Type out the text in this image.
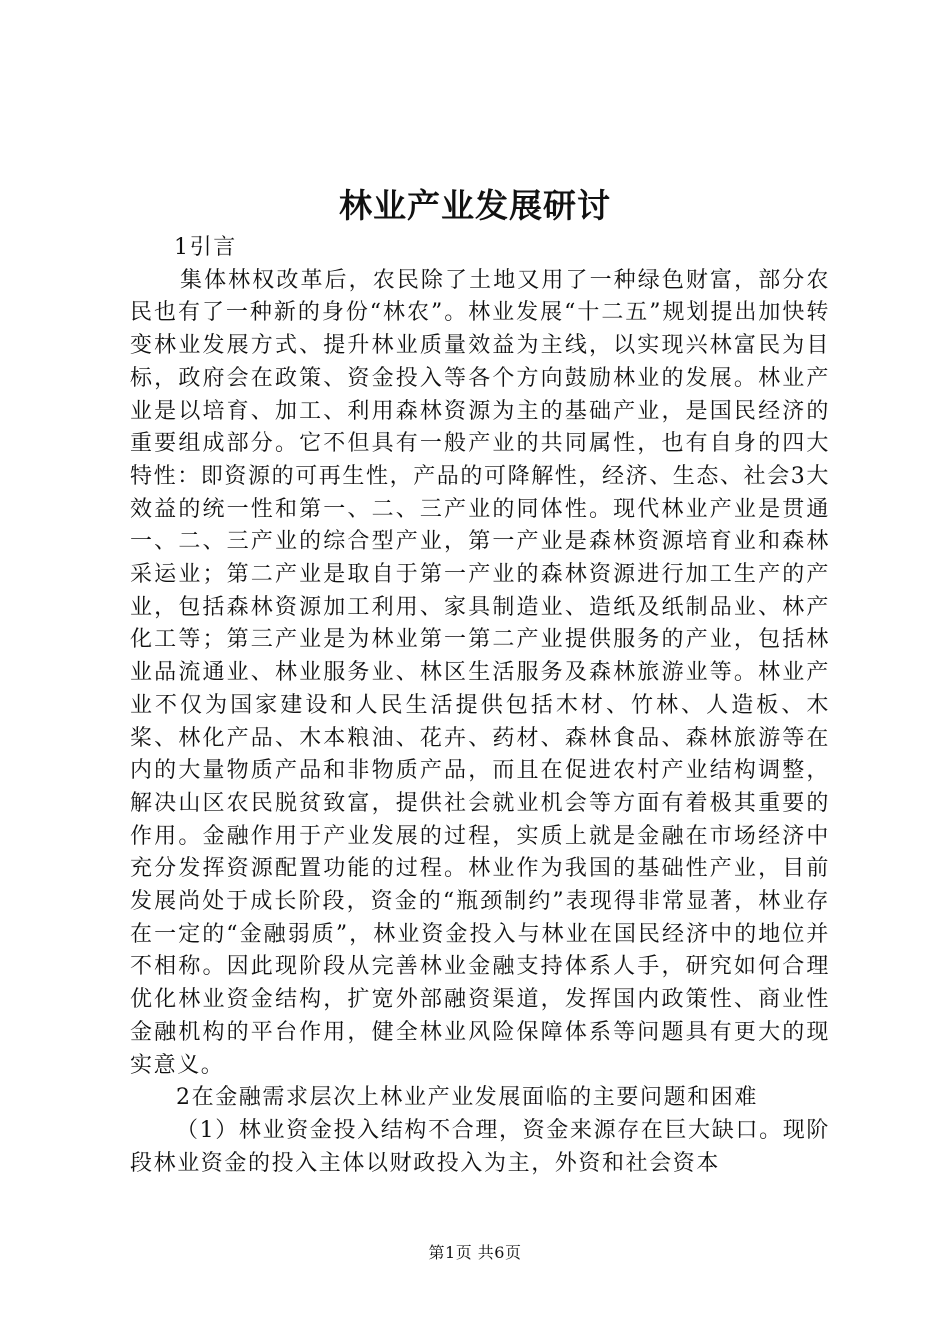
林业产业发展研讨

1引言

集体林权改革后，农民除了土地又用了一种绿色财富，部分农民也有了一种新的身份“林农”。林业发展“十二五”规划提出加快转变林业发展方式、提升林业质量效益为主线，以实现兴林富民为目标，政府会在政策、资金投入等各个方向鼓励林业的发展。林业产业是以培育、加工、利用森林资源为主的基础产业，是国民经济的重要组成部分。它不但具有一般产业的共同属性，也有自身的四大特性：即资源的可再生性，产品的可降解性，经济、生态、社会3大效益的统一性和第一、二、三产业的同体性。现代林业产业是贯通一、二、三产业的综合型产业，第一产业是森林资源培育业和森林采运业；第二产业是取自于第一产业的森林资源进行加工生产的产业，包括森林资源加工利用、家具制造业、造纸及纸制品业、林产化工等；第三产业是为林业第一第二产业提供服务的产业，包括林业品流通业、林业服务业、林区生活服务及森林旅游业等。林业产业不仅为国家建设和人民生活提供包括木材、竹林、人造板、木桨、林化产品、木本粮油、花卉、药材、森林食品、森林旅游等在内的大量物质产品和非物质产品，而且在促进农村产业结构调整，解决山区农民脱贫致富，提供社会就业机会等方面有着极其重要的作用。金融作用于产业发展的过程，实质上就是金融在市场经济中充分发挥资源配置功能的过程。林业作为我国的基础性产业，目前发展尚处于成长阶段，资金的“瓶颈制约”表现得非常显著，林业存在一定的“金融弱质”，林业资金投入与林业在国民经济中的地位并不相称。因此现阶段从完善林业金融支持体系人手，研究如何合理优化林业资金结构，扩宽外部融资渠道，发挥国内政策性、商业性金融机构的平台作用，健全林业风险保障体系等问题具有更大的现实意义。

2在金融需求层次上林业产业发展面临的主要问题和困难

（1）林业资金投入结构不合理，资金来源存在巨大缺口。现阶段林业资金的投入主体以财政投入为主，外资和社会资本

第1页 共6页
